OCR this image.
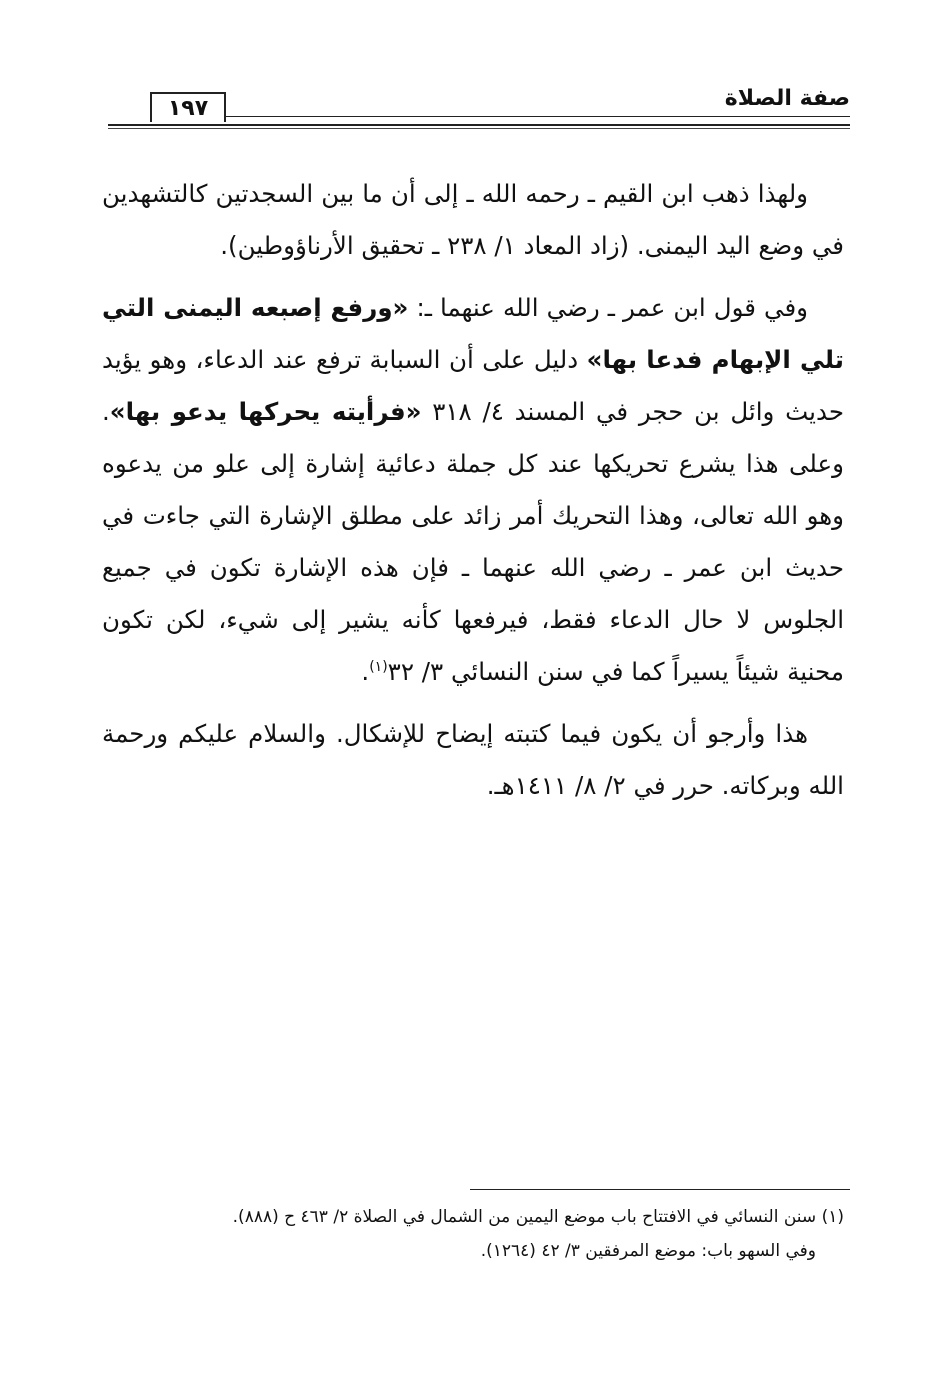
١٩٧	صفة الصلاة

ولهذا ذهب ابن القيم ـ رحمه الله ـ إلى أن ما بين السجدتين كالتشهدين في وضع اليد اليمنى. (زاد المعاد ١/ ٢٣٨ ـ تحقيق الأرناؤوطين).

وفي قول ابن عمر ـ رضي الله عنهما ـ: «ورفع إصبعه اليمنى التي تلي الإبهام فدعا بها» دليل على أن السبابة ترفع عند الدعاء، وهو يؤيد حديث وائل بن حجر في المسند ٤/ ٣١٨ «فرأيته يحركها يدعو بها». وعلى هذا يشرع تحريكها عند كل جملة دعائية إشارة إلى علو من يدعوه وهو الله تعالى، وهذا التحريك أمر زائد على مطلق الإشارة التي جاءت في حديث ابن عمر ـ رضي الله عنهما ـ فإن هذه الإشارة تكون في جميع الجلوس لا حال الدعاء فقط، فيرفعها كأنه يشير إلى شيء، لكن تكون محنية شيئاً يسيراً كما في سنن النسائي ٣/ ٣٢$^{(١)}$.

هذا وأرجو أن يكون فيما كتبته إيضاح للإشكال. والسلام عليكم ورحمة الله وبركاته. حرر في ٢/ ٨/ ١٤١١هـ.

(١) سنن النسائي في الافتتاح باب موضع اليمين من الشمال في الصلاة ٢/ ٤٦٣ ح (٨٨٨).

وفي السهو باب: موضع المرفقين ٣/ ٤٢ (١٢٦٤).
